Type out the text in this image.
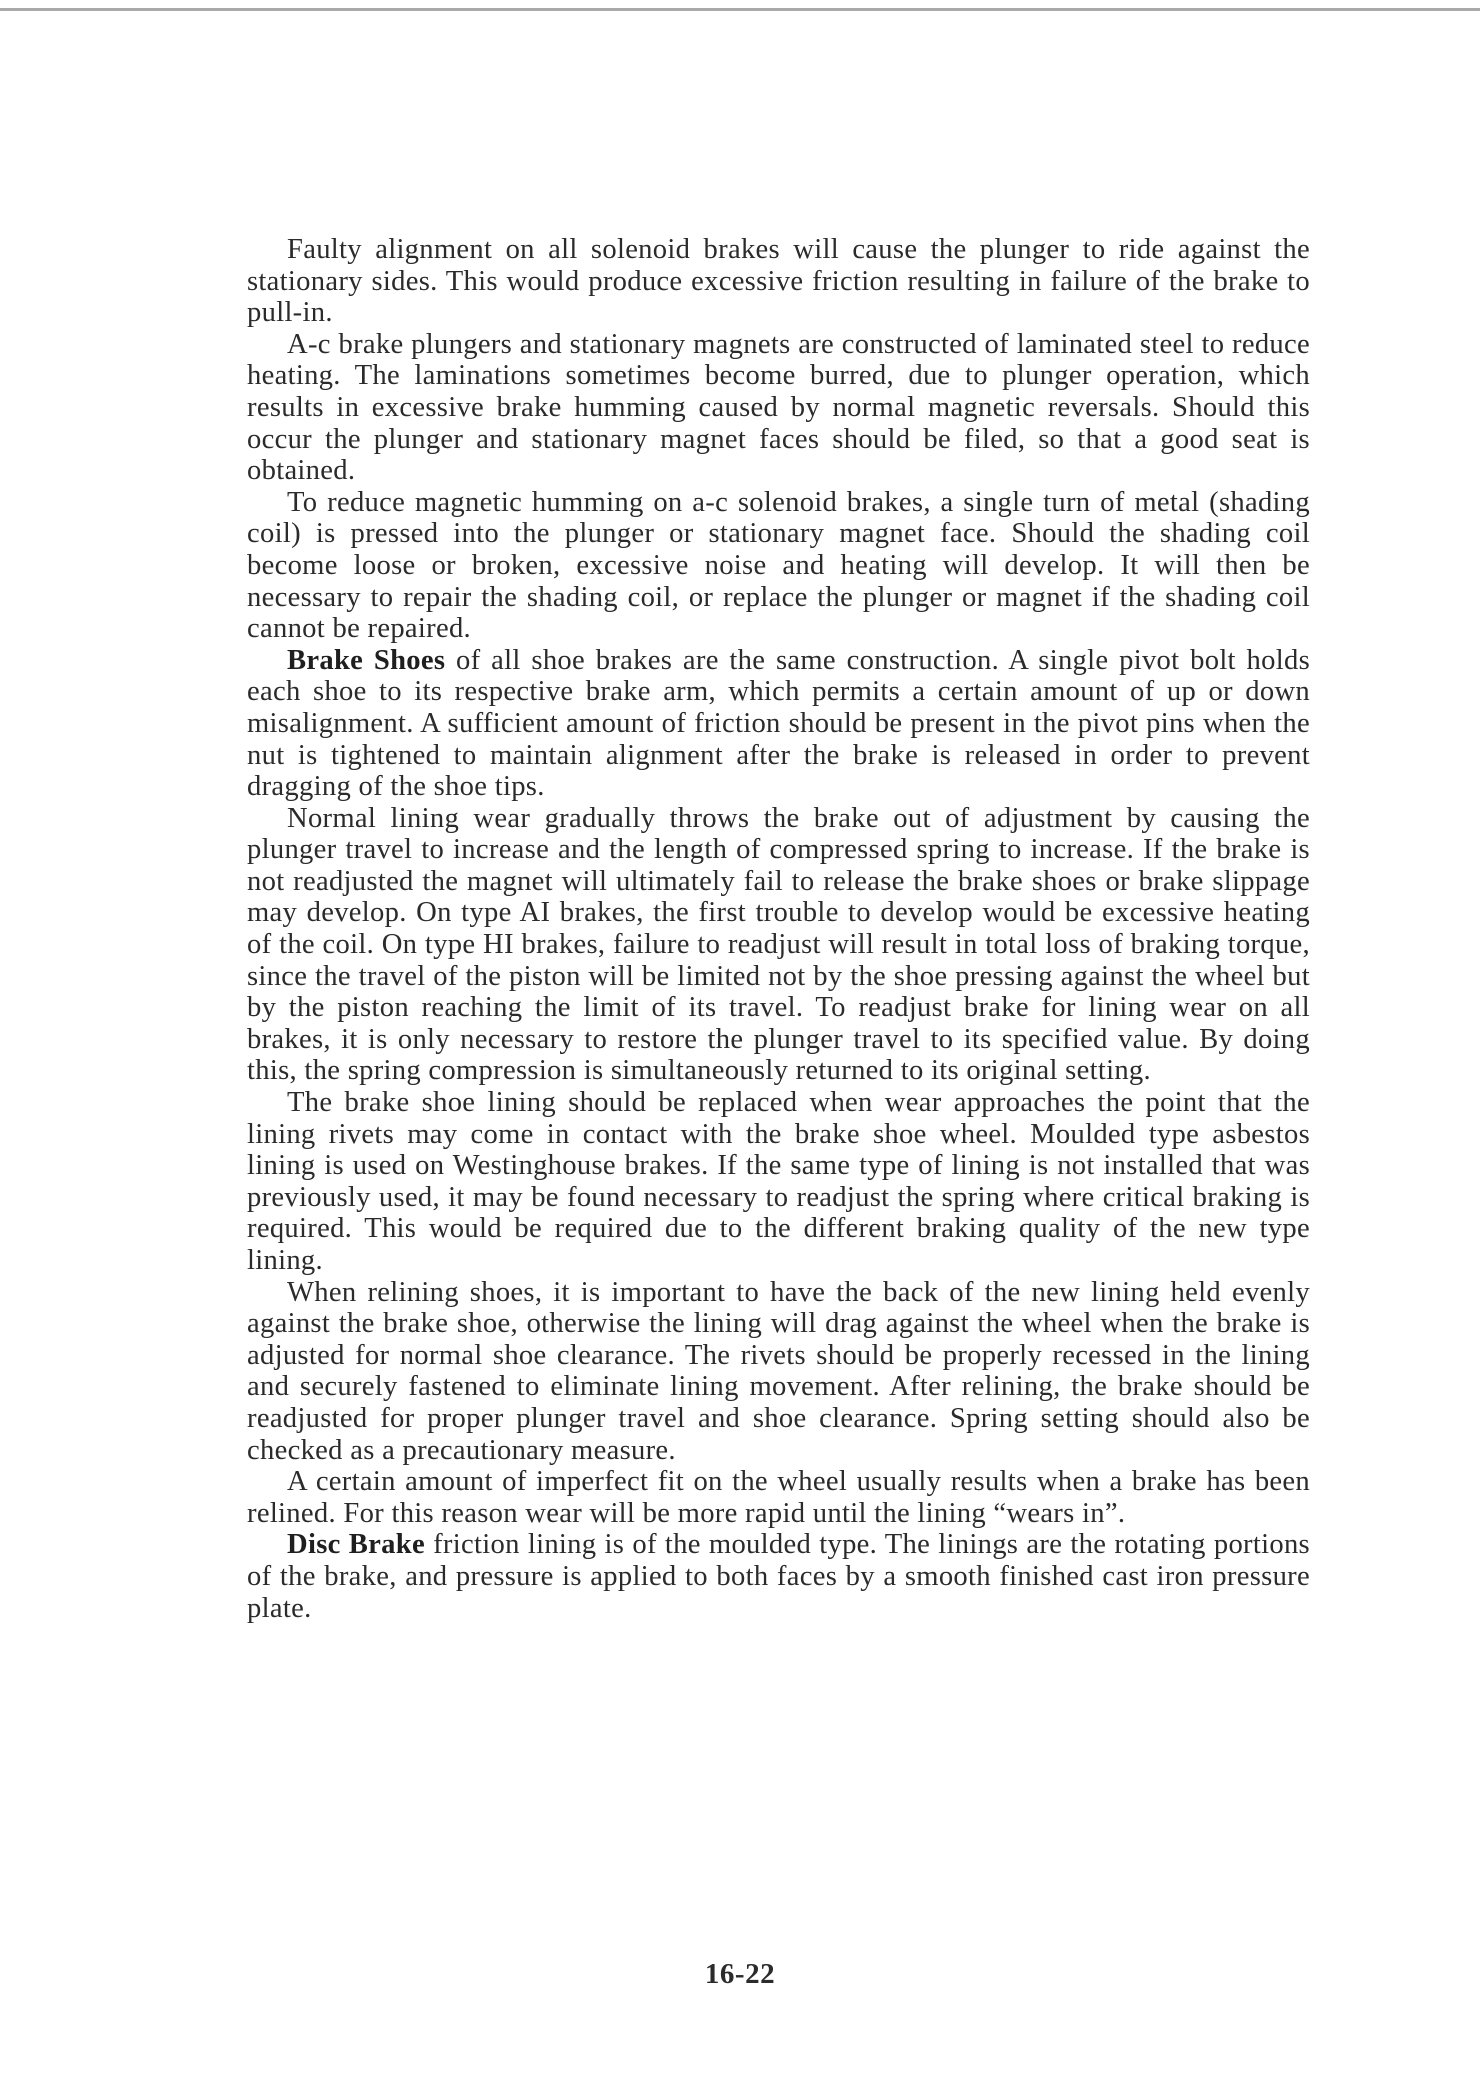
Faulty alignment on all solenoid brakes will cause the plunger to ride against the stationary sides. This would produce excessive friction resulting in failure of the brake to pull-in.

A-c brake plungers and stationary magnets are constructed of laminated steel to reduce heating. The laminations sometimes become burred, due to plunger operation, which results in excessive brake humming caused by normal magnetic reversals. Should this occur the plunger and stationary magnet faces should be filed, so that a good seat is obtained.

To reduce magnetic humming on a-c solenoid brakes, a single turn of metal (shading coil) is pressed into the plunger or stationary magnet face. Should the shading coil become loose or broken, excessive noise and heating will develop. It will then be necessary to repair the shading coil, or replace the plunger or magnet if the shading coil cannot be repaired.

Brake Shoes of all shoe brakes are the same construction. A single pivot bolt holds each shoe to its respective brake arm, which permits a certain amount of up or down misalignment. A sufficient amount of friction should be present in the pivot pins when the nut is tightened to maintain alignment after the brake is released in order to prevent dragging of the shoe tips.

Normal lining wear gradually throws the brake out of adjustment by causing the plunger travel to increase and the length of compressed spring to increase. If the brake is not readjusted the magnet will ultimately fail to release the brake shoes or brake slippage may develop. On type AI brakes, the first trouble to develop would be excessive heating of the coil. On type HI brakes, failure to readjust will result in total loss of braking torque, since the travel of the piston will be limited not by the shoe pressing against the wheel but by the piston reaching the limit of its travel. To readjust brake for lining wear on all brakes, it is only necessary to restore the plunger travel to its specified value. By doing this, the spring compression is simultaneously returned to its original setting.

The brake shoe lining should be replaced when wear approaches the point that the lining rivets may come in contact with the brake shoe wheel. Moulded type asbestos lining is used on Westinghouse brakes. If the same type of lining is not installed that was previously used, it may be found necessary to readjust the spring where critical braking is required. This would be required due to the different braking quality of the new type lining.

When relining shoes, it is important to have the back of the new lining held evenly against the brake shoe, otherwise the lining will drag against the wheel when the brake is adjusted for normal shoe clearance. The rivets should be properly recessed in the lining and securely fastened to eliminate lining movement. After relining, the brake should be readjusted for proper plunger travel and shoe clearance. Spring setting should also be checked as a precautionary measure.

A certain amount of imperfect fit on the wheel usually results when a brake has been relined. For this reason wear will be more rapid until the lining “wears in”.

Disc Brake friction lining is of the moulded type. The linings are the rotating portions of the brake, and pressure is applied to both faces by a smooth finished cast iron pressure plate.

16-22
